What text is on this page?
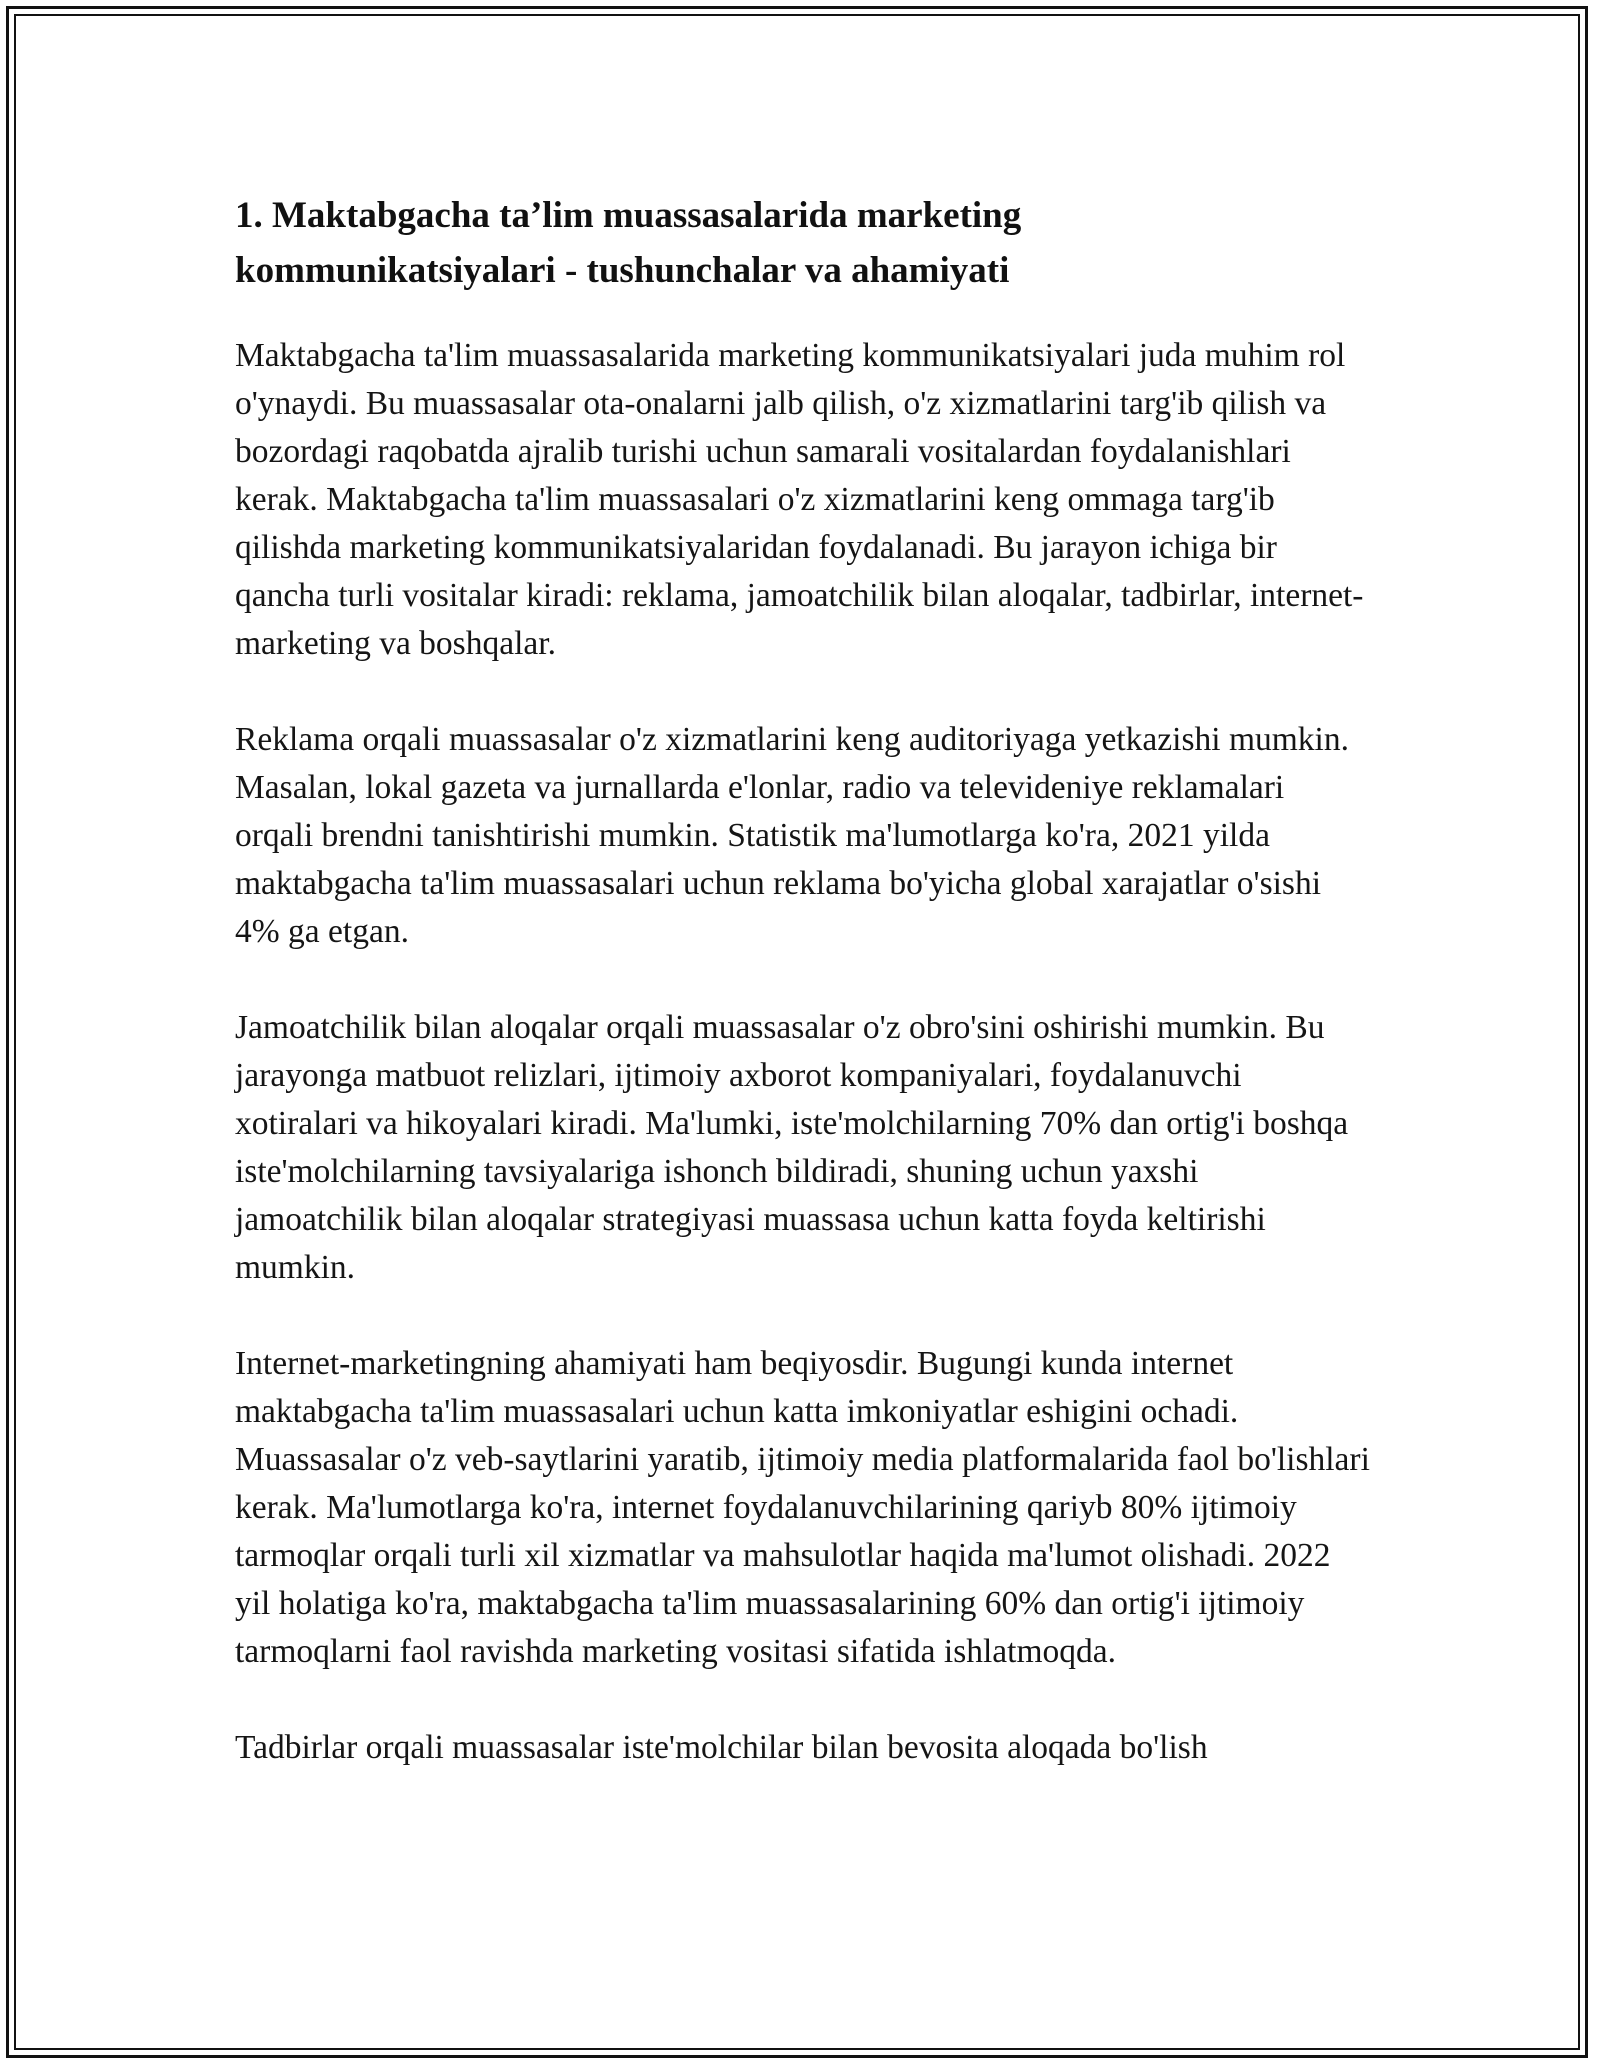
1. Maktabgacha ta’lim muassasalarida marketing
kommunikatsiyalari - tushunchalar va ahamiyati

Maktabgacha ta'lim muassasalarida marketing kommunikatsiyalari juda muhim rol o'ynaydi. Bu muassasalar ota-onalarni jalb qilish, o'z xizmatlarini targ'ib qilish va bozordagi raqobatda ajralib turishi uchun samarali vositalardan foydalanishlari kerak. Maktabgacha ta'lim muassasalari o'z xizmatlarini keng ommaga targ'ib qilishda marketing kommunikatsiyalaridan foydalanadi. Bu jarayon ichiga bir qancha turli vositalar kiradi: reklama, jamoatchilik bilan aloqalar, tadbirlar, internet-marketing va boshqalar.

Reklama orqali muassasalar o'z xizmatlarini keng auditoriyaga yetkazishi mumkin. Masalan, lokal gazeta va jurnallarda e'lonlar, radio va televideniye reklamalari orqali brendni tanishtirishi mumkin. Statistik ma'lumotlarga ko'ra, 2021 yilda maktabgacha ta'lim muassasalari uchun reklama bo'yicha global xarajatlar o'sishi 4% ga etgan.

Jamoatchilik bilan aloqalar orqali muassasalar o'z obro'sini oshirishi mumkin. Bu jarayonga matbuot relizlari, ijtimoiy axborot kompaniyalari, foydalanuvchi xotiralari va hikoyalari kiradi. Ma'lumki, iste'molchilarning 70% dan ortig'i boshqa iste'molchilarning tavsiyalariga ishonch bildiradi, shuning uchun yaxshi jamoatchilik bilan aloqalar strategiyasi muassasa uchun katta foyda keltirishi mumkin.

Internet-marketingning ahamiyati ham beqiyosdir. Bugungi kunda internet maktabgacha ta'lim muassasalari uchun katta imkoniyatlar eshigini ochadi. Muassasalar o'z veb-saytlarini yaratib, ijtimoiy media platformalarida faol bo'lishlari kerak. Ma'lumotlarga ko'ra, internet foydalanuvchilarining qariyb 80% ijtimoiy tarmoqlar orqali turli xil xizmatlar va mahsulotlar haqida ma'lumot olishadi. 2022 yil holatiga ko'ra, maktabgacha ta'lim muassasalarining 60% dan ortig'i ijtimoiy tarmoqlarni faol ravishda marketing vositasi sifatida ishlatmoqda.

Tadbirlar orqali muassasalar iste'molchilar bilan bevosita aloqada bo'lish
